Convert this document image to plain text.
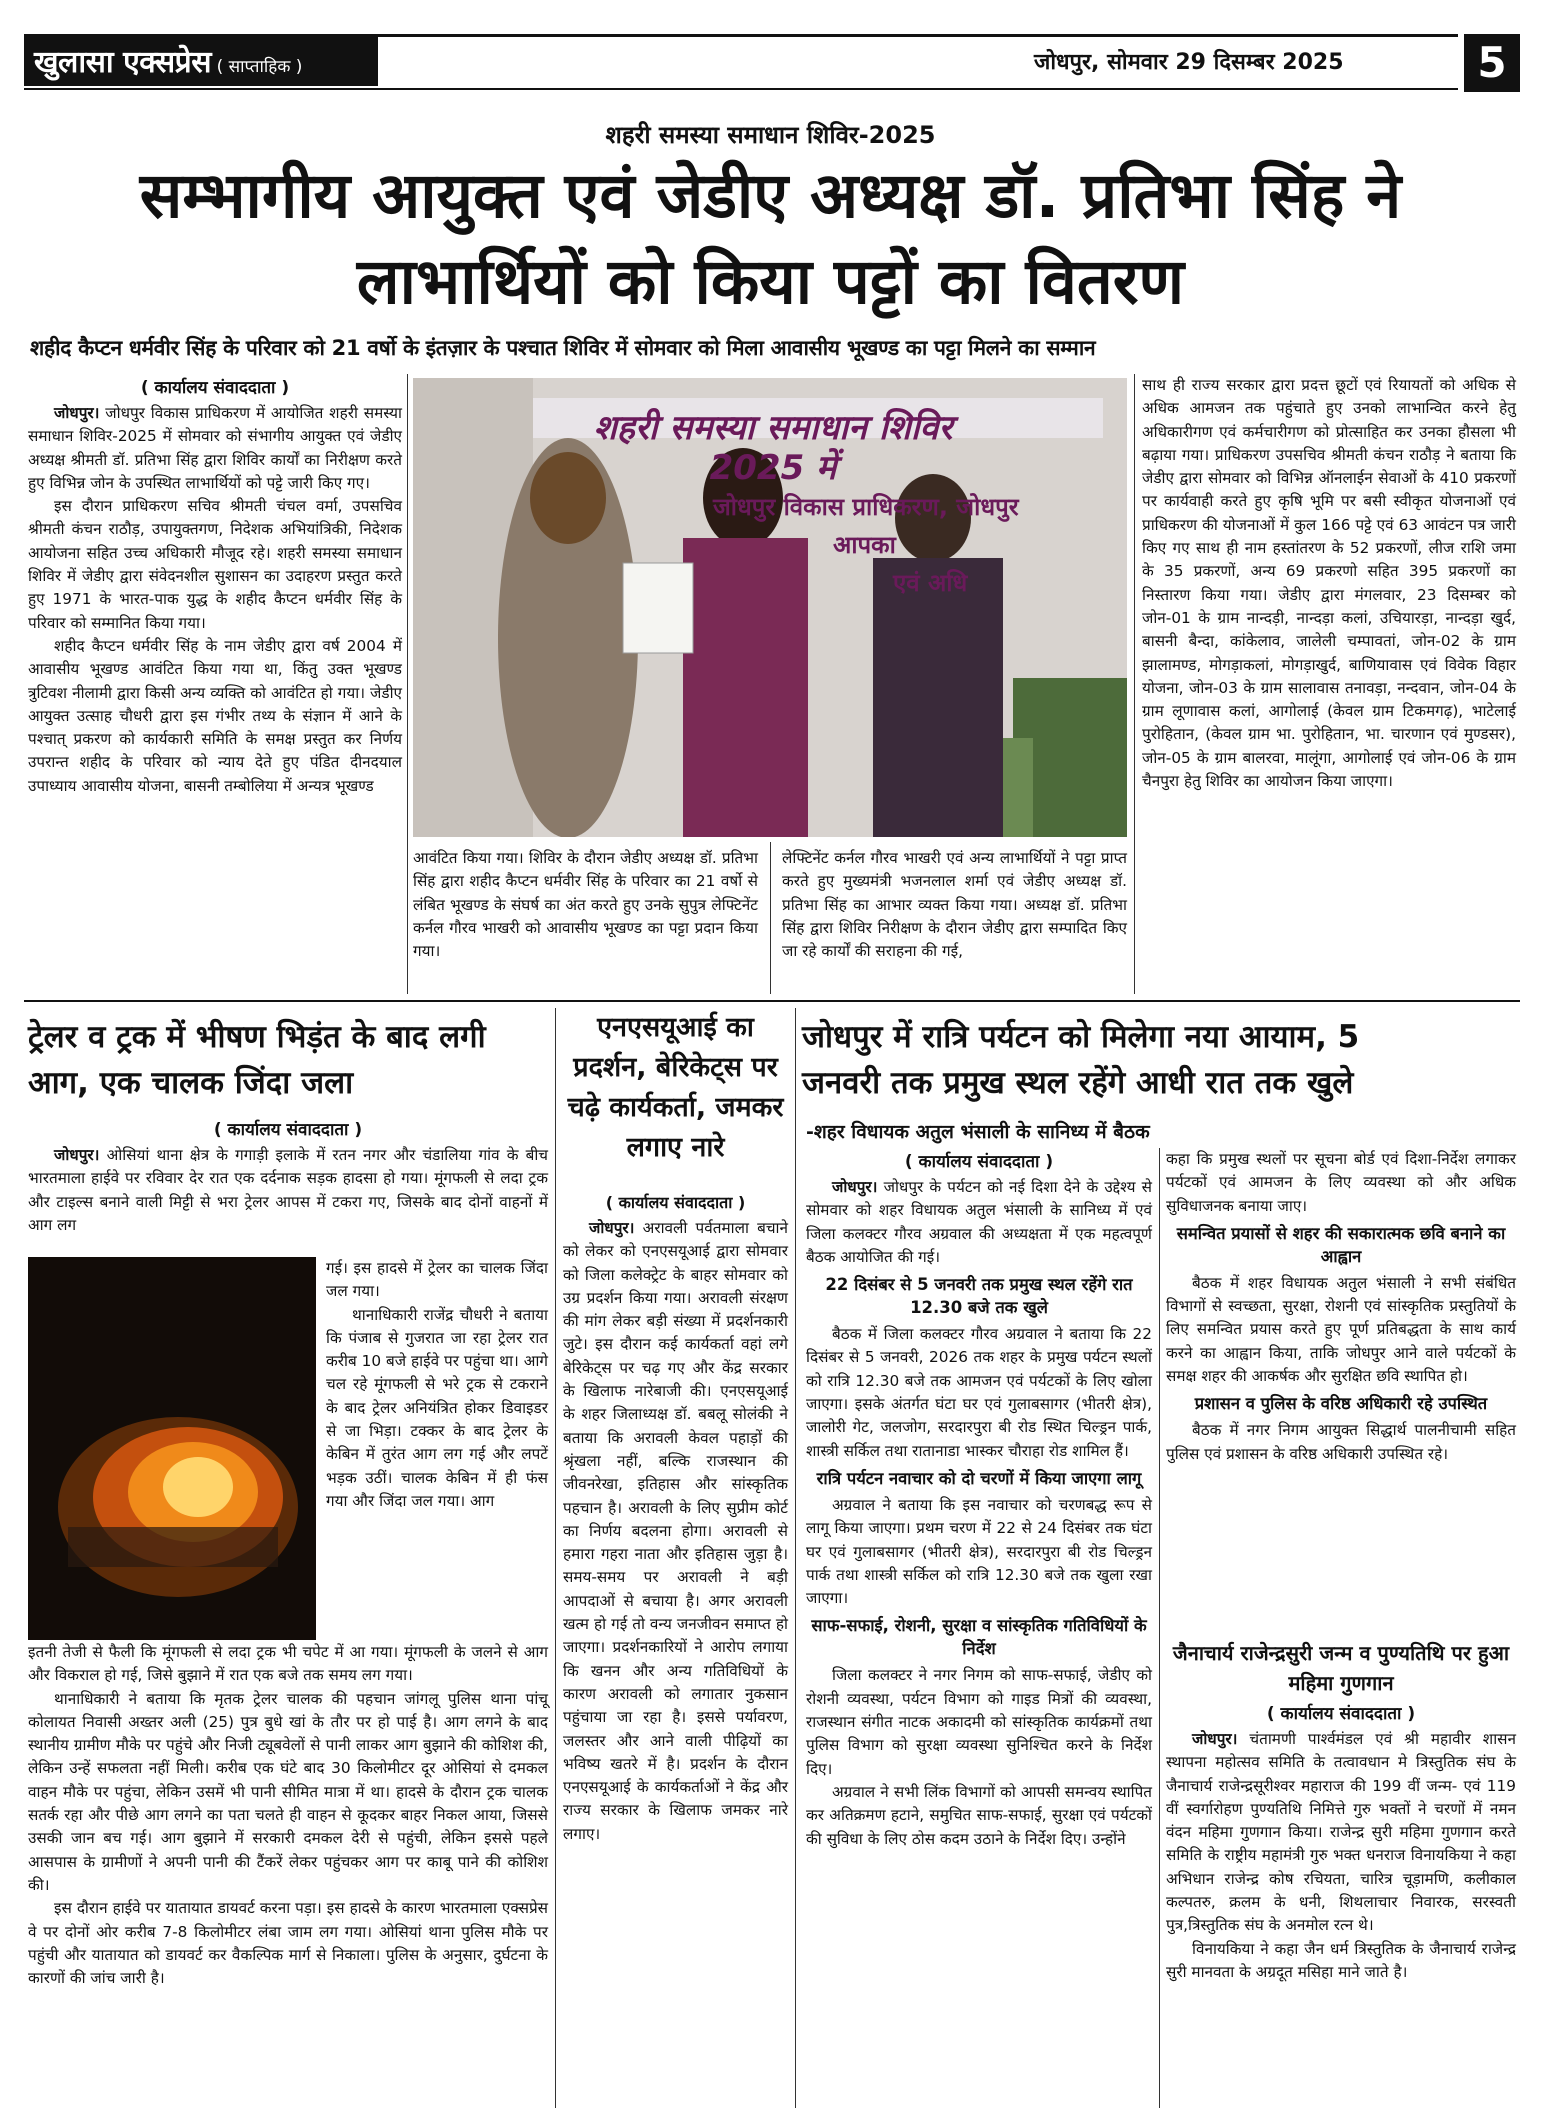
खुलासा एक्सप्रेस ( साप्ताहिक )	जोधपुर, सोमवार 29 दिसम्बर 2025	5
शहरी समस्या समाधान शिविर-2025
सम्भागीय आयुक्त एवं जेडीए अध्यक्ष डॉ. प्रतिभा सिंह ने
लाभार्थियों को किया पट्टों का वितरण
शहीद कैप्टन धर्मवीर सिंह के परिवार को 21 वर्षो के इंतज़ार के पश्चात शिविर में सोमवार को मिला आवासीय भूखण्ड का पट्टा मिलने का सम्मान
( कार्यालय संवाददाता )

जोधपुर। जोधपुर विकास प्राधिकरण में आयोजित शहरी समस्या समाधान शिविर-2025 में सोमवार को संभागीय आयुक्त एवं जेडीए अध्यक्ष श्रीमती डॉ. प्रतिभा सिंह द्वारा शिविर कार्यों का निरीक्षण करते हुए विभिन्न जोन के उपस्थित लाभार्थियों को पट्टे जारी किए गए।

इस दौरान प्राधिकरण सचिव श्रीमती चंचल वर्मा, उपसचिव श्रीमती कंचन राठौड़, उपायुक्तगण, निदेशक अभियांत्रिकी, निदेशक आयोजना सहित उच्च अधिकारी मौजूद रहे। शहरी समस्या समाधान शिविर में जेडीए द्वारा संवेदनशील सुशासन का उदाहरण प्रस्तुत करते हुए 1971 के भारत-पाक युद्ध के शहीद कैप्टन धर्मवीर सिंह के परिवार को सम्मानित किया गया।

शहीद कैप्टन धर्मवीर सिंह के नाम जेडीए द्वारा वर्ष 2004 में आवासीय भूखण्ड आवंटित किया गया था, किंतु उक्त भूखण्ड त्रुटिवश नीलामी द्वारा किसी अन्य व्यक्ति को आवंटित हो गया। जेडीए आयुक्त उत्साह चौधरी द्वारा इस गंभीर तथ्य के संज्ञान में आने के पश्चात् प्रकरण को कार्यकारी समिति के समक्ष प्रस्तुत कर निर्णय उपरान्त शहीद के परिवार को न्याय देते हुए पंडित दीनदयाल उपाध्याय आवासीय योजना, बासनी तम्बोलिया में अन्यत्र भूखण्ड

शहरी समस्या समाधान शिविर 2025 में
जोधपुर विकास प्राधिकरण, जोधपुर
आपका
एवं अधि

आवंटित किया गया। शिविर के दौरान जेडीए अध्यक्ष डॉ. प्रतिभा सिंह द्वारा शहीद कैप्टन धर्मवीर सिंह के परिवार का 21 वर्षो से लंबित भूखण्ड के संघर्ष का अंत करते हुए उनके सुपुत्र लेफ्टिनेंट कर्नल गौरव भाखरी को आवासीय भूखण्ड का पट्टा प्रदान किया गया।

लेफ्टिनेंट कर्नल गौरव भाखरी एवं अन्य लाभार्थियों ने पट्टा प्राप्त करते हुए मुख्यमंत्री भजनलाल शर्मा एवं जेडीए अध्यक्ष डॉ. प्रतिभा सिंह का आभार व्यक्त किया गया। अध्यक्ष डॉ. प्रतिभा सिंह द्वारा शिविर निरीक्षण के दौरान जेडीए द्वारा सम्पादित किए जा रहे कार्यों की सराहना की गई,

साथ ही राज्य सरकार द्वारा प्रदत्त छूटों एवं रियायतों को अधिक से अधिक आमजन तक पहुंचाते हुए उनको लाभान्वित करने हेतु अधिकारीगण एवं कर्मचारीगण को प्रोत्साहित कर उनका हौसला भी बढ़ाया गया। प्राधिकरण उपसचिव श्रीमती कंचन राठौड़ ने बताया कि जेडीए द्वारा सोमवार को विभिन्न ऑनलाईन सेवाओं के 410 प्रकरणों पर कार्यवाही करते हुए कृषि भूमि पर बसी स्वीकृत योजनाओं एवं प्राधिकरण की योजनाओं में कुल 166 पट्टे एवं 63 आवंटन पत्र जारी किए गए साथ ही नाम हस्तांतरण के 52 प्रकरणों, लीज राशि जमा के 35 प्रकरणों, अन्य 69 प्रकरणो सहित 395 प्रकरणों का निस्तारण किया गया। जेडीए द्वारा मंगलवार, 23 दिसम्बर को जोन-01 के ग्राम नान्दड़ी, नान्दड़ा कलां, उचियारड़ा, नान्दड़ा खुर्द, बासनी बैन्दा, कांकेलाव, जालेली चम्पावतां, जोन-02 के ग्राम झालामण्ड, मोगड़ाकलां, मोगड़ाखुर्द, बाणियावास एवं विवेक विहार योजना, जोन-03 के ग्राम सालावास तनावड़ा, नन्दवान, जोन-04 के ग्राम लूणावास कलां, आगोलाई (केवल ग्राम टिकमगढ़), भाटेलाई पुरोहितान, (केवल ग्राम भा. पुरोहितान, भा. चारणान एवं मुण्डसर), जोन-05 के ग्राम बालरवा, मालूंगा, आगोलाई एवं जोन-06 के ग्राम चैनपुरा हेतु शिविर का आयोजन किया जाएगा।

ट्रेलर व ट्रक में भीषण भिड़ंत के बाद लगी आग, एक चालक जिंदा जला
( कार्यालय संवाददाता )

जोधपुर। ओसियां थाना क्षेत्र के गगाड़ी इलाके में रतन नगर और चंडालिया गांव के बीच भारतमाला हाईवे पर रविवार देर रात एक दर्दनाक सड़क हादसा हो गया। मूंगफली से लदा ट्रक और टाइल्स बनाने वाली मिट्टी से भरा ट्रेलर आपस में टकरा गए, जिसके बाद दोनों वाहनों में आग लग

गई। इस हादसे में ट्रेलर का चालक जिंदा जल गया।

थानाधिकारी राजेंद्र चौधरी ने बताया कि पंजाब से गुजरात जा रहा ट्रेलर रात करीब 10 बजे हाईवे पर पहुंचा था। आगे चल रहे मूंगफली से भरे ट्रक से टकराने के बाद ट्रेलर अनियंत्रित होकर डिवाइडर से जा भिड़ा। टक्कर के बाद ट्रेलर के केबिन में तुरंत आग लग गई और लपटें भड़क उठीं। चालक केबिन में ही फंस गया और जिंदा जल गया। आग

इतनी तेजी से फैली कि मूंगफली से लदा ट्रक भी चपेट में आ गया। मूंगफली के जलने से आग और विकराल हो गई, जिसे बुझाने में रात एक बजे तक समय लग गया।

थानाधिकारी ने बताया कि मृतक ट्रेलर चालक की पहचान जांगलू पुलिस थाना पांचू कोलायत निवासी अख्तर अली (25) पुत्र बुधे खां के तौर पर हो पाई है। आग लगने के बाद स्थानीय ग्रामीण मौके पर पहुंचे और निजी ट्यूबवेलों से पानी लाकर आग बुझाने की कोशिश की, लेकिन उन्हें सफलता नहीं मिली। करीब एक घंटे बाद 30 किलोमीटर दूर ओसियां से दमकल वाहन मौके पर पहुंचा, लेकिन उसमें भी पानी सीमित मात्रा में था। हादसे के दौरान ट्रक चालक सतर्क रहा और पीछे आग लगने का पता चलते ही वाहन से कूदकर बाहर निकल आया, जिससे उसकी जान बच गई। आग बुझाने में सरकारी दमकल देरी से पहुंची, लेकिन इससे पहले आसपास के ग्रामीणों ने अपनी पानी की टैंकरें लेकर पहुंचकर आग पर काबू पाने की कोशिश की।

इस दौरान हाईवे पर यातायात डायवर्ट करना पड़ा। इस हादसे के कारण भारतमाला एक्सप्रेस वे पर दोनों ओर करीब 7-8 किलोमीटर लंबा जाम लग गया। ओसियां थाना पुलिस मौके पर पहुंची और यातायात को डायवर्ट कर वैकल्पिक मार्ग से निकाला। पुलिस के अनुसार, दुर्घटना के कारणों की जांच जारी है।

एनएसयूआई का प्रदर्शन, बेरिकेट्स पर चढ़े कार्यकर्ता, जमकर लगाए नारे
( कार्यालय संवाददाता )

जोधपुर। अरावली पर्वतमाला बचाने को लेकर को एनएसयूआई द्वारा सोमवार को जिला कलेक्ट्रेट के बाहर सोमवार को उग्र प्रदर्शन किया गया। अरावली संरक्षण की मांग लेकर बड़ी संख्या में प्रदर्शनकारी जुटे। इस दौरान कई कार्यकर्ता वहां लगे बेरिकेट्स पर चढ़ गए और केंद्र सरकार के खिलाफ नारेबाजी की। एनएसयूआई के शहर जिलाध्यक्ष डॉ. बबलू सोलंकी ने बताया कि अरावली केवल पहाड़ों की श्रृंखला नहीं, बल्कि राजस्थान की जीवनरेखा, इतिहास और सांस्कृतिक पहचान है। अरावली के लिए सुप्रीम कोर्ट का निर्णय बदलना होगा। अरावली से हमारा गहरा नाता और इतिहास जुड़ा है। समय-समय पर अरावली ने बड़ी आपदाओं से बचाया है। अगर अरावली खत्म हो गई तो वन्य जनजीवन समाप्त हो जाएगा। प्रदर्शनकारियों ने आरोप लगाया कि खनन और अन्य गतिविधियों के कारण अरावली को लगातार नुकसान पहुंचाया जा रहा है। इससे पर्यावरण, जलस्तर और आने वाली पीढ़ियों का भविष्य खतरे में है। प्रदर्शन के दौरान एनएसयूआई के कार्यकर्ताओं ने केंद्र और राज्य सरकार के खिलाफ जमकर नारे लगाए।

जोधपुर में रात्रि पर्यटन को मिलेगा नया आयाम, 5
जनवरी तक प्रमुख स्थल रहेंगे आधी रात तक खुले
-शहर विधायक अतुल भंसाली के सानिध्य में बैठक
( कार्यालय संवाददाता )

जोधपुर। जोधपुर के पर्यटन को नई दिशा देने के उद्देश्य से सोमवार को शहर विधायक अतुल भंसाली के सानिध्य में एवं जिला कलक्टर गौरव अग्रवाल की अध्यक्षता में एक महत्वपूर्ण बैठक आयोजित की गई।

22 दिसंबर से 5 जनवरी तक प्रमुख स्थल रहेंगे रात 12.30 बजे तक खुले

बैठक में जिला कलक्टर गौरव अग्रवाल ने बताया कि 22 दिसंबर से 5 जनवरी, 2026 तक शहर के प्रमुख पर्यटन स्थलों को रात्रि 12.30 बजे तक आमजन एवं पर्यटकों के लिए खोला जाएगा। इसके अंतर्गत घंटा घर एवं गुलाबसागर (भीतरी क्षेत्र), जालोरी गेट, जलजोग, सरदारपुरा बी रोड स्थित चिल्ड्रन पार्क, शास्त्री सर्किल तथा रातानाडा भास्कर चौराहा रोड शामिल हैं।

रात्रि पर्यटन नवाचार को दो चरणों में किया जाएगा लागू

अग्रवाल ने बताया कि इस नवाचार को चरणबद्ध रूप से लागू किया जाएगा। प्रथम चरण में 22 से 24 दिसंबर तक घंटा घर एवं गुलाबसागर (भीतरी क्षेत्र), सरदारपुरा बी रोड चिल्ड्रन पार्क तथा शास्त्री सर्किल को रात्रि 12.30 बजे तक खुला रखा जाएगा।

साफ-सफाई, रोशनी, सुरक्षा व सांस्कृतिक गतिविधियों के निर्देश

जिला कलक्टर ने नगर निगम को साफ-सफाई, जेडीए को रोशनी व्यवस्था, पर्यटन विभाग को गाइड मित्रों की व्यवस्था, राजस्थान संगीत नाटक अकादमी को सांस्कृतिक कार्यक्रमों तथा पुलिस विभाग को सुरक्षा व्यवस्था सुनिश्चित करने के निर्देश दिए।

अग्रवाल ने सभी लिंक विभागों को आपसी समन्वय स्थापित कर अतिक्रमण हटाने, समुचित साफ-सफाई, सुरक्षा एवं पर्यटकों की सुविधा के लिए ठोस कदम उठाने के निर्देश दिए। उन्होंने

कहा कि प्रमुख स्थलों पर सूचना बोर्ड एवं दिशा-निर्देश लगाकर पर्यटकों एवं आमजन के लिए व्यवस्था को और अधिक सुविधाजनक बनाया जाए।

समन्वित प्रयासों से शहर की सकारात्मक छवि बनाने का आह्वान

बैठक में शहर विधायक अतुल भंसाली ने सभी संबंधित विभागों से स्वच्छता, सुरक्षा, रोशनी एवं सांस्कृतिक प्रस्तुतियों के लिए समन्वित प्रयास करते हुए पूर्ण प्रतिबद्धता के साथ कार्य करने का आह्वान किया, ताकि जोधपुर आने वाले पर्यटकों के समक्ष शहर की आकर्षक और सुरक्षित छवि स्थापित हो।

प्रशासन व पुलिस के वरिष्ठ अधिकारी रहे उपस्थित

बैठक में नगर निगम आयुक्त सिद्धार्थ पालनीचामी सहित पुलिस एवं प्रशासन के वरिष्ठ अधिकारी उपस्थित रहे।

जैनाचार्य राजेन्द्रसुरी जन्म व पुण्यतिथि पर हुआ महिमा गुणगान
( कार्यालय संवाददाता )

जोधपुर। चंतामणी पार्श्वमंडल एवं श्री महावीर शासन स्थापना महोत्सव समिति के तत्वावधान मे त्रिस्तुतिक संघ के जैनाचार्य राजेन्द्रसूरीश्वर महाराज की 199 वीं जन्म- एवं 119 वीं स्वर्गारोहण पुण्यतिथि निमित्ते गुरु भक्तों ने चरणों में नमन वंदन महिमा गुणगान किया। राजेन्द्र सुरी महिमा गुणगान करते समिति के राष्ट्रीय महामंत्री गुरु भक्त धनराज विनायकिया ने कहा अभिधान राजेन्द्र कोष रचियता, चारित्र चूड़ामणि, कलीकाल कल्पतरु, क्रलम के धनी, शिथलाचार निवारक, सरस्वती पुत्र,त्रिस्तुतिक संघ के अनमोल रत्न थे।

विनायकिया ने कहा जैन धर्म त्रिस्तुतिक के जैनाचार्य राजेन्द्र सुरी मानवता के अग्रदूत मसिहा माने जाते है।
